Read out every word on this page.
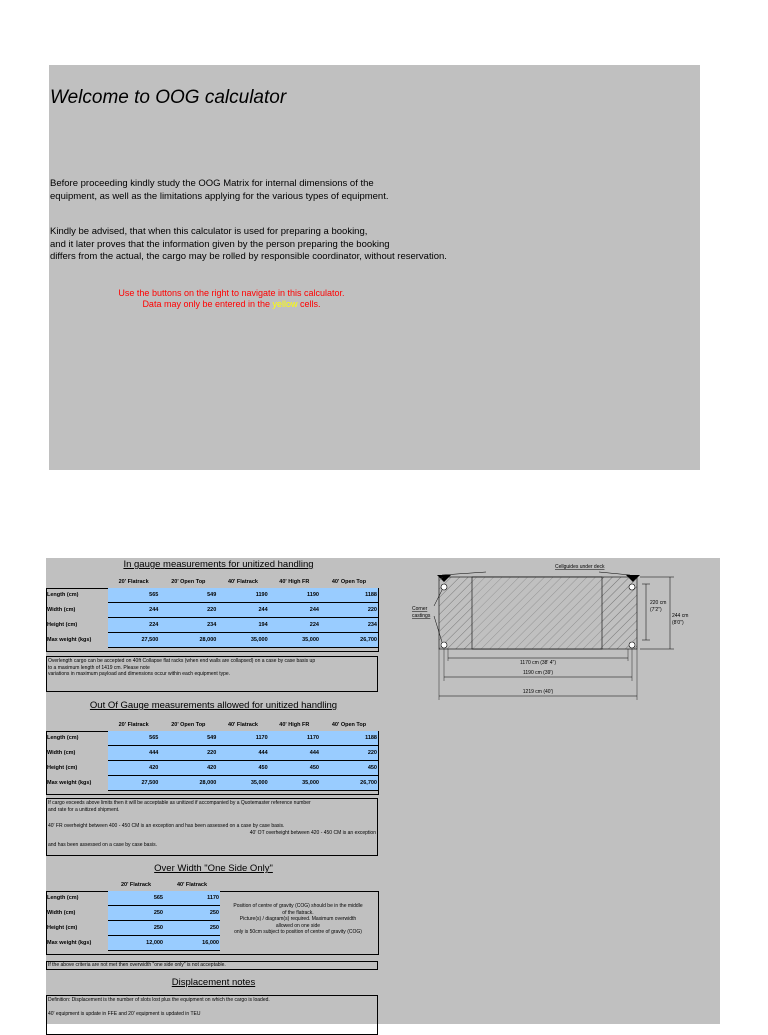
Welcome to OOG calculator
Before proceeding kindly study the OOG Matrix for internal dimensions of the
equipment, as well as the limitations applying for the various types of equipment.
Kindly be advised, that when this calculator is used for preparing a booking,
and it later proves that the information given by the person preparing the booking
differs from the actual, the cargo may be rolled by responsible coordinator, without reservation.
Use the buttons on the right to navigate in this calculator.
Data may only be entered in the yellow cells.
In gauge measurements for unitized handling
	20' Flatrack	20' Open Top	40' Flatrack	40' High FR	40' Open Top
Length (cm)	565	549	1190	1190	1188
Width (cm)	244	220	244	244	220
Height (cm)	224	234	194	224	234
Max weight (kgs)	27,500	28,000	35,000	35,000	26,700
Overlength cargo can be accepted on 40ft Collapse flat racks (when end walls are collapsed) on a case by case basis up
to a maximum length of 1419 cm. Please note
variations in maximum payload and dimensions occur within each equipment type.
Out Of Gauge measurements allowed for unitized handling
	20' Flatrack	20' Open Top	40' Flatrack	40' High FR	40' Open Top
Length (cm)	565	549	1170	1170	1188
Width (cm)	444	220	444	444	220
Height (cm)	420	420	450	450	450
Max weight (kgs)	27,500	28,000	35,000	35,000	26,700
If cargo exceeds above limits then it will be acceptable as unitized if accompanied by a Quotemaster reference number
and rate for a unitized shipment.
40' FR overheight between 400 - 450 CM is an exception and has been assessed on a case by case basis.
40' OT overheight between 420 - 450 CM is an exception
and has been assessed on a case by case basis.
Over Width "One Side Only"
	20' Flatrack	40' Flatrack
Length (cm)	565	1170
Width (cm)	250	250
Height (cm)	250	250
Max weight (kgs)	12,000	16,000
Position of centre of gravity (COG) should be in the middle
of the flatrack.
Picture(s) / diagram(s) required. Maximum overwidth
allowed on one side
only is 50cm subject to position of centre of gravity (COG)
If the above criteria are not met then overwidth "one side only" is not acceptable.
Displacement notes
Definition: Displacement is the number of slots lost plus the equipment on which the cargo is loaded.
40' equipment is update in FFE and 20' equipment is updated in TEU
Cellguides under deck
Corner
castings
220 cm
(7'2")
244 cm
(8'0")
1170 cm (38' 4")
1190 cm (39')
1219 cm (40')
